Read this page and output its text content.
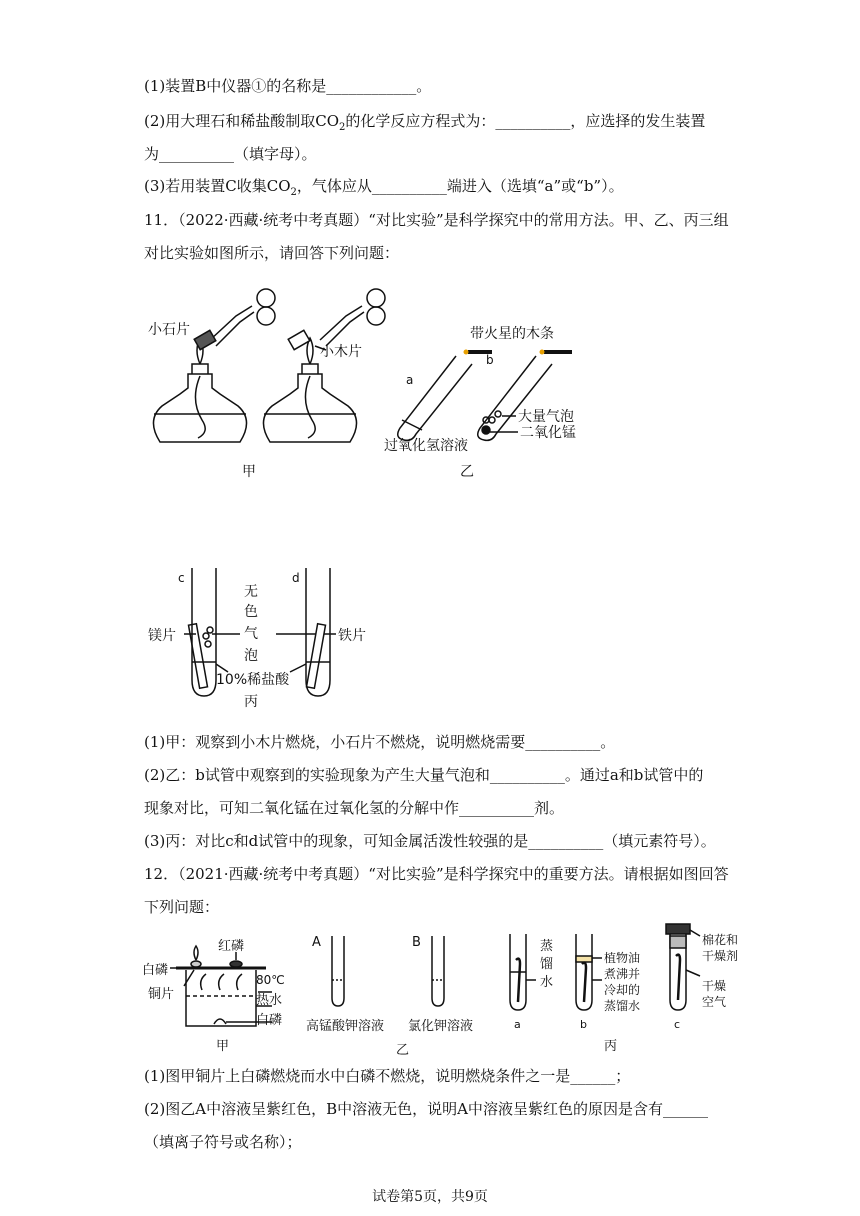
(1)装置B中仪器①的名称是____________。
(2)用大理石和稀盐酸制取$CO_2$的化学反应方程式为：__________，应选择的发生装置
为__________（填字母）。
(3)若用装置C收集$CO_2$，气体应从__________端进入（选填“a”或“b”）。
11．（2022·西藏·统考中考真题）“对比实验”是科学探究中的常用方法。甲、乙、丙三组
对比实验如图所示，请回答下列问题：
小石片
小木片
甲
带火星的木条
a
b
大量气泡
二氧化锰
过氧化氢溶液
乙
c	d
镁片	铁片
无
色
气
泡
10%稀盐酸
丙
(1)甲：观察到小木片燃烧，小石片不燃烧，说明燃烧需要__________。
(2)乙：b试管中观察到的实验现象为产生大量气泡和__________。通过a和b试管中的
现象对比，可知二氧化锰在过氧化氢的分解中作__________剂。
(3)丙：对比c和d试管中的现象，可知金属活泼性较强的是__________（填元素符号）。
12．（2021·西藏·统考中考真题）“对比实验”是科学探究中的重要方法。请根据如图回答
下列问题：
红磷
白磷
铜片
80℃
热水
白磷
甲
A	B
高锰酸钾溶液 氯化钾溶液
乙
蒸
馏
水
植物油
煮沸并
冷却的
蒸馏水
棉花和
干燥剂
干燥
空气
a	b	c
丙
(1)图甲铜片上白磷燃烧而水中白磷不燃烧，说明燃烧条件之一是______；
(2)图乙A中溶液呈紫红色，B中溶液无色，说明A中溶液呈紫红色的原因是含有______
（填离子符号或名称）；
试卷第5页，共9页
